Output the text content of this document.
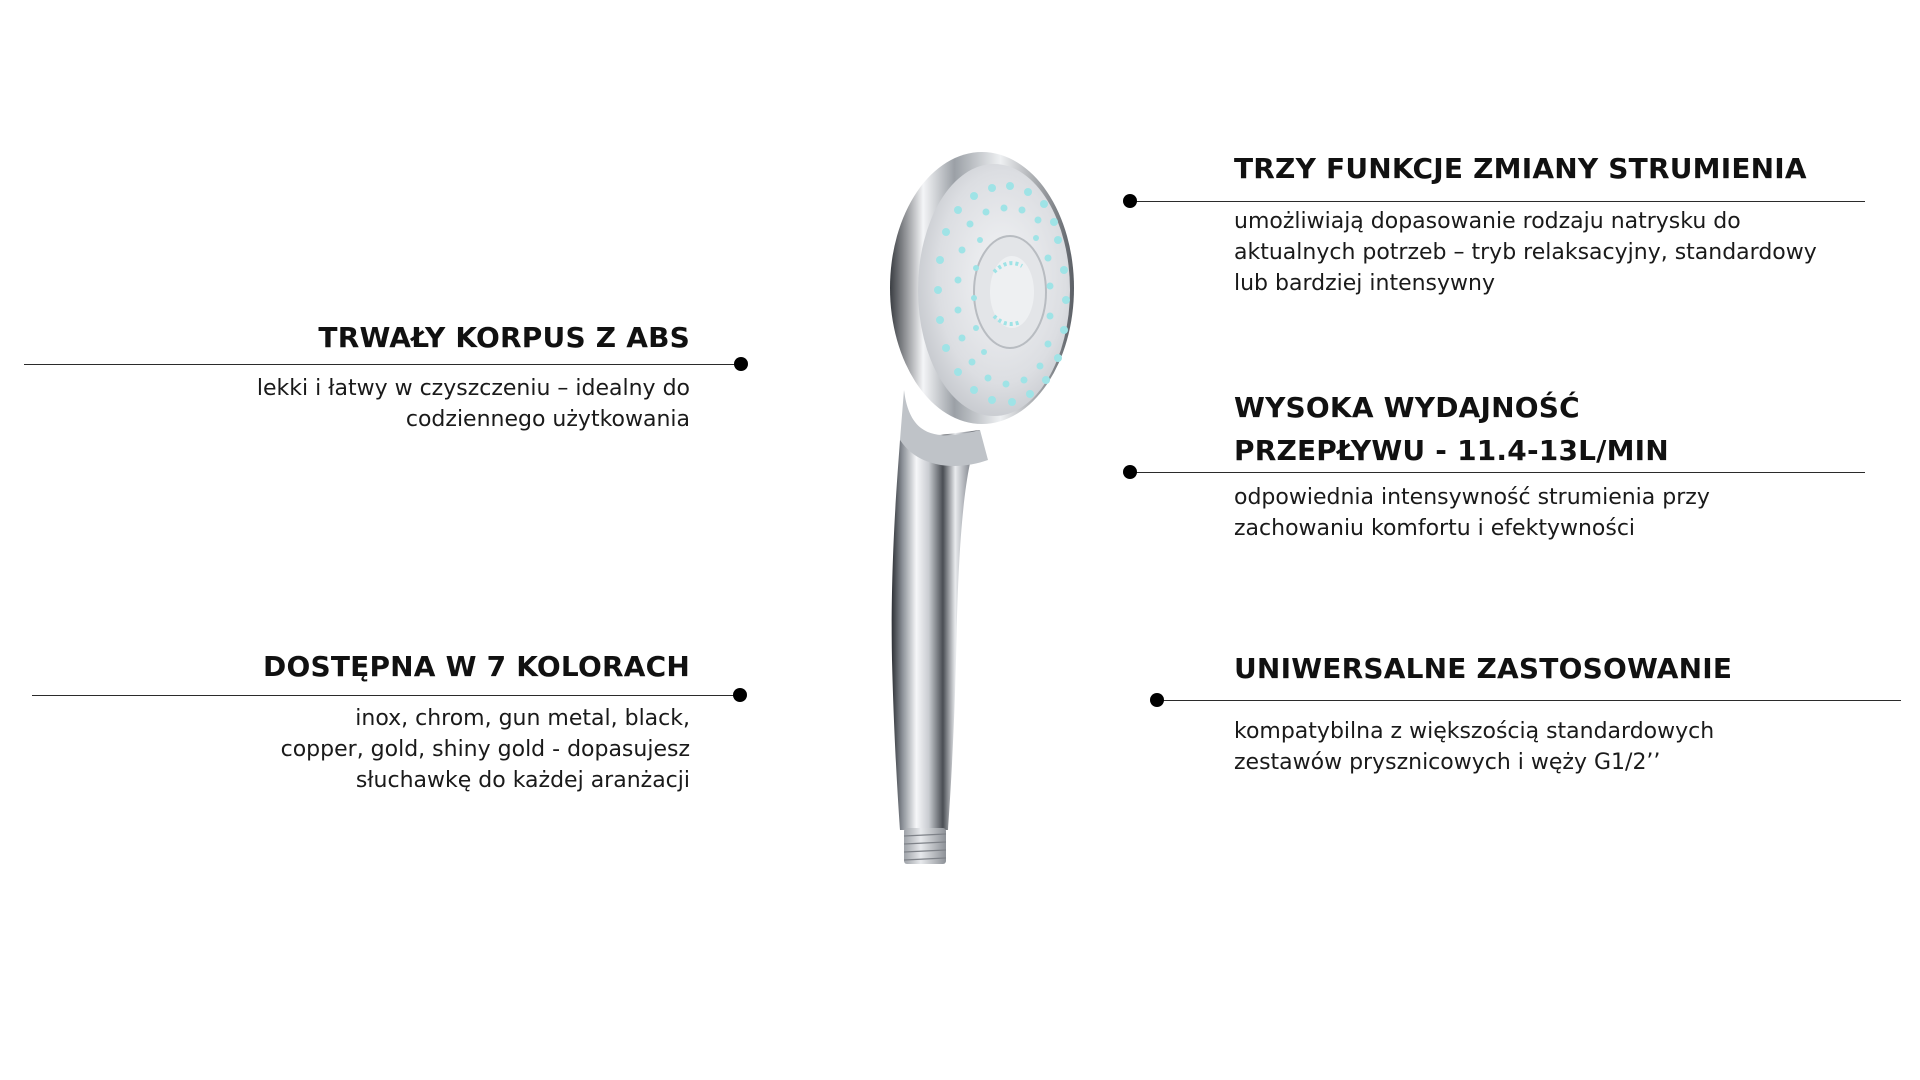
TRWAŁY KORPUS Z ABS

lekki i łatwy w czyszczeniu – idealny do
codziennego użytkowania

DOSTĘPNA W 7 KOLORACH

inox, chrom, gun metal, black,
copper, gold, shiny gold - dopasujesz
słuchawkę do każdej aranżacji

TRZY FUNKCJE ZMIANY STRUMIENIA

umożliwiają dopasowanie rodzaju natrysku do
aktualnych potrzeb – tryb relaksacyjny, standardowy
lub bardziej intensywny

WYSOKA WYDAJNOŚĆ
PRZEPŁYWU - 11.4-13L/MIN

odpowiednia intensywność strumienia przy
zachowaniu komfortu i efektywności

UNIWERSALNE ZASTOSOWANIE

kompatybilna z większością standardowych
zestawów prysznicowych i węży G1/2’’
